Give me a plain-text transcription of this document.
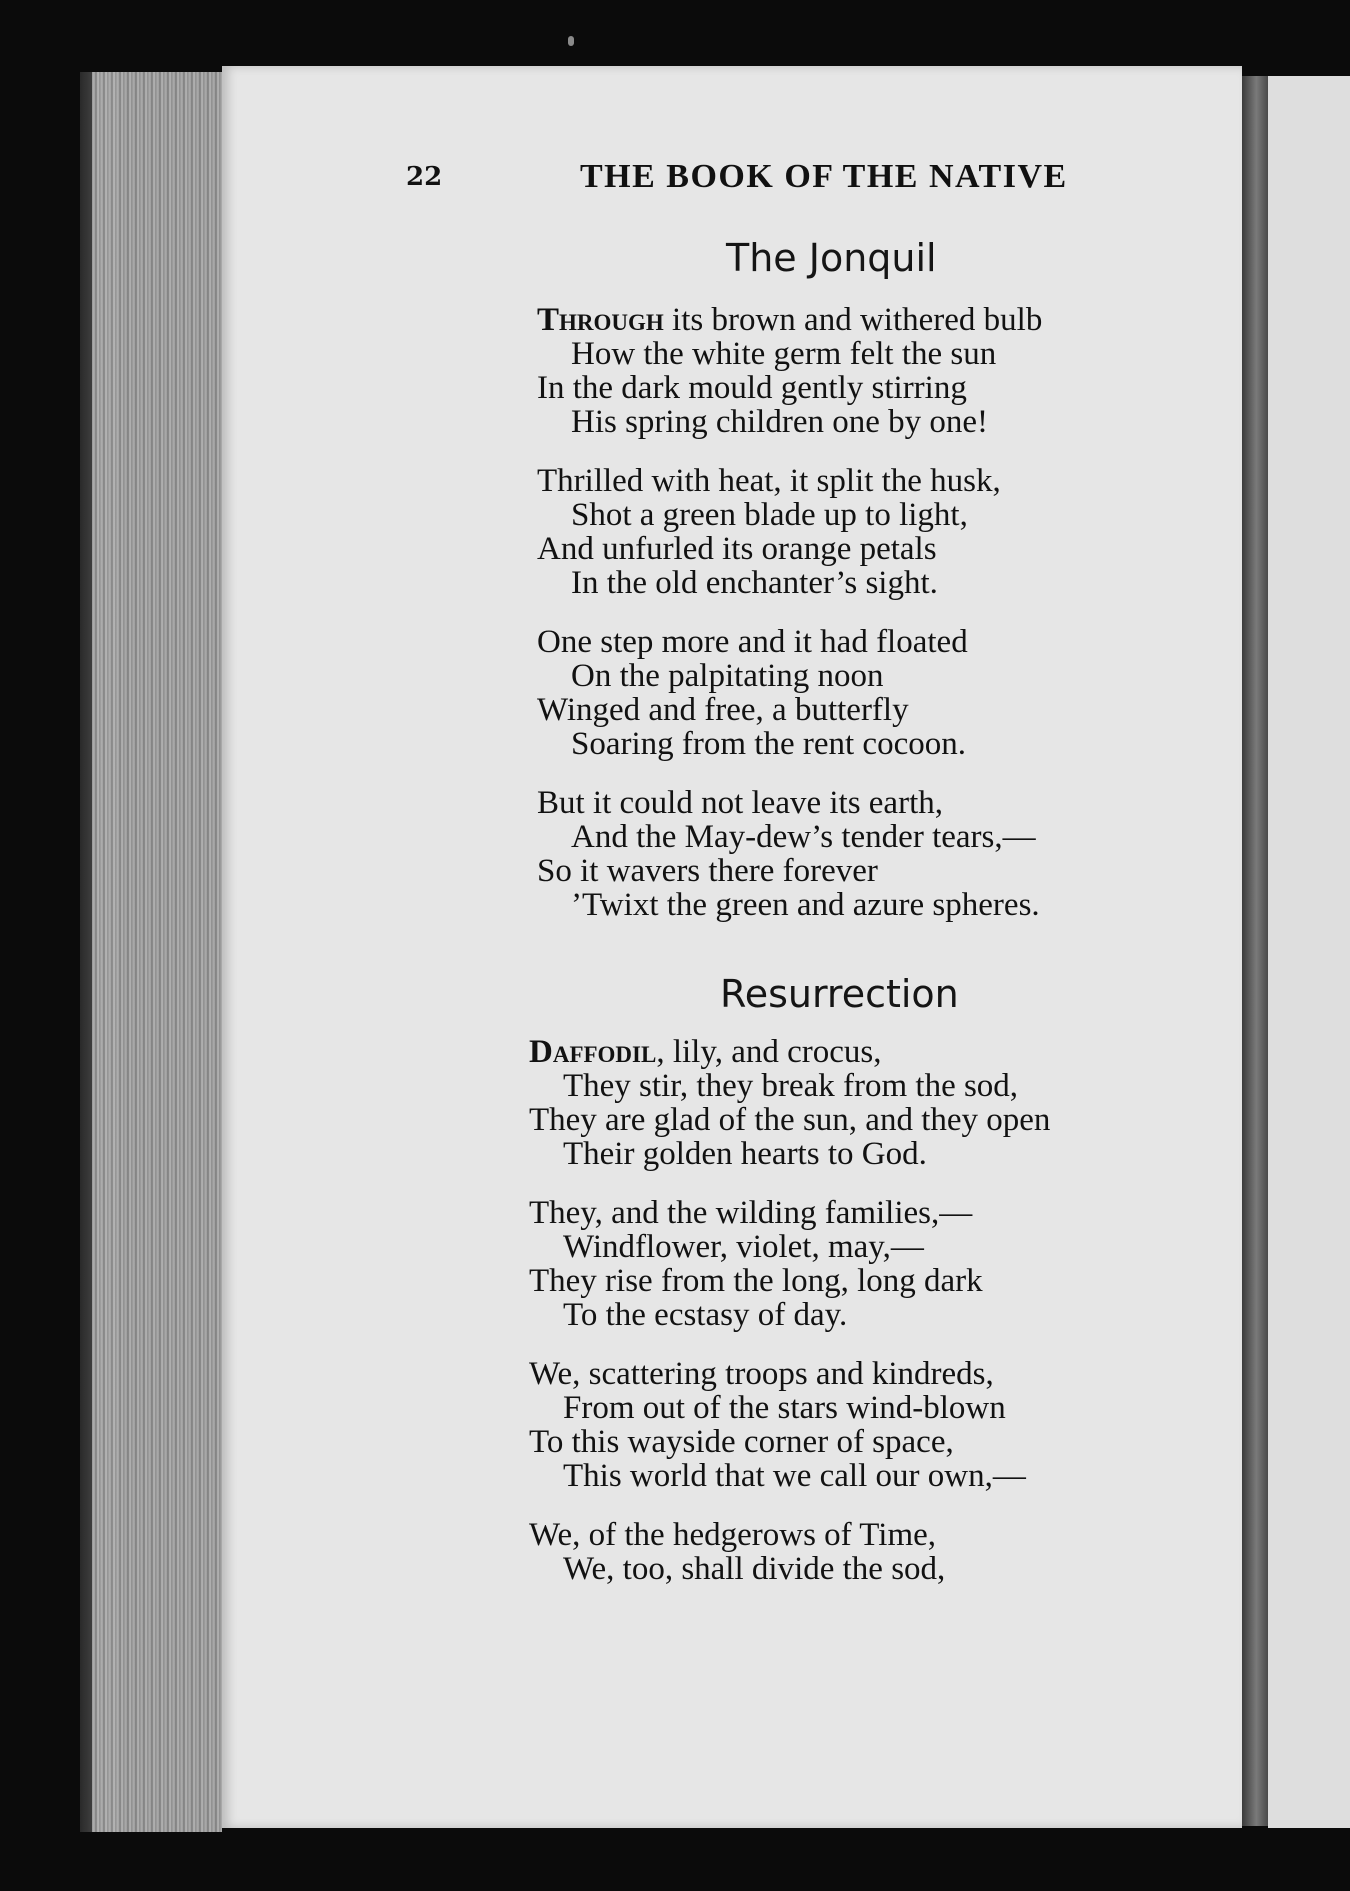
22	THE BOOK OF THE NATIVE
The Jonquil
Through its brown and withered bulb
How the white germ felt the sun
In the dark mould gently stirring
His spring children one by one!
Thrilled with heat, it split the husk,
Shot a green blade up to light,
And unfurled its orange petals
In the old enchanter’s sight.
One step more and it had floated
On the palpitating noon
Winged and free, a butterfly
Soaring from the rent cocoon.
But it could not leave its earth,
And the May-dew’s tender tears,—
So it wavers there forever
’Twixt the green and azure spheres.
Resurrection
Daffodil, lily, and crocus,
They stir, they break from the sod,
They are glad of the sun, and they open
Their golden hearts to God.
They, and the wilding families,—
Windflower, violet, may,—
They rise from the long, long dark
To the ecstasy of day.
We, scattering troops and kindreds,
From out of the stars wind-blown
To this wayside corner of space,
This world that we call our own,—
We, of the hedgerows of Time,
We, too, shall divide the sod,
